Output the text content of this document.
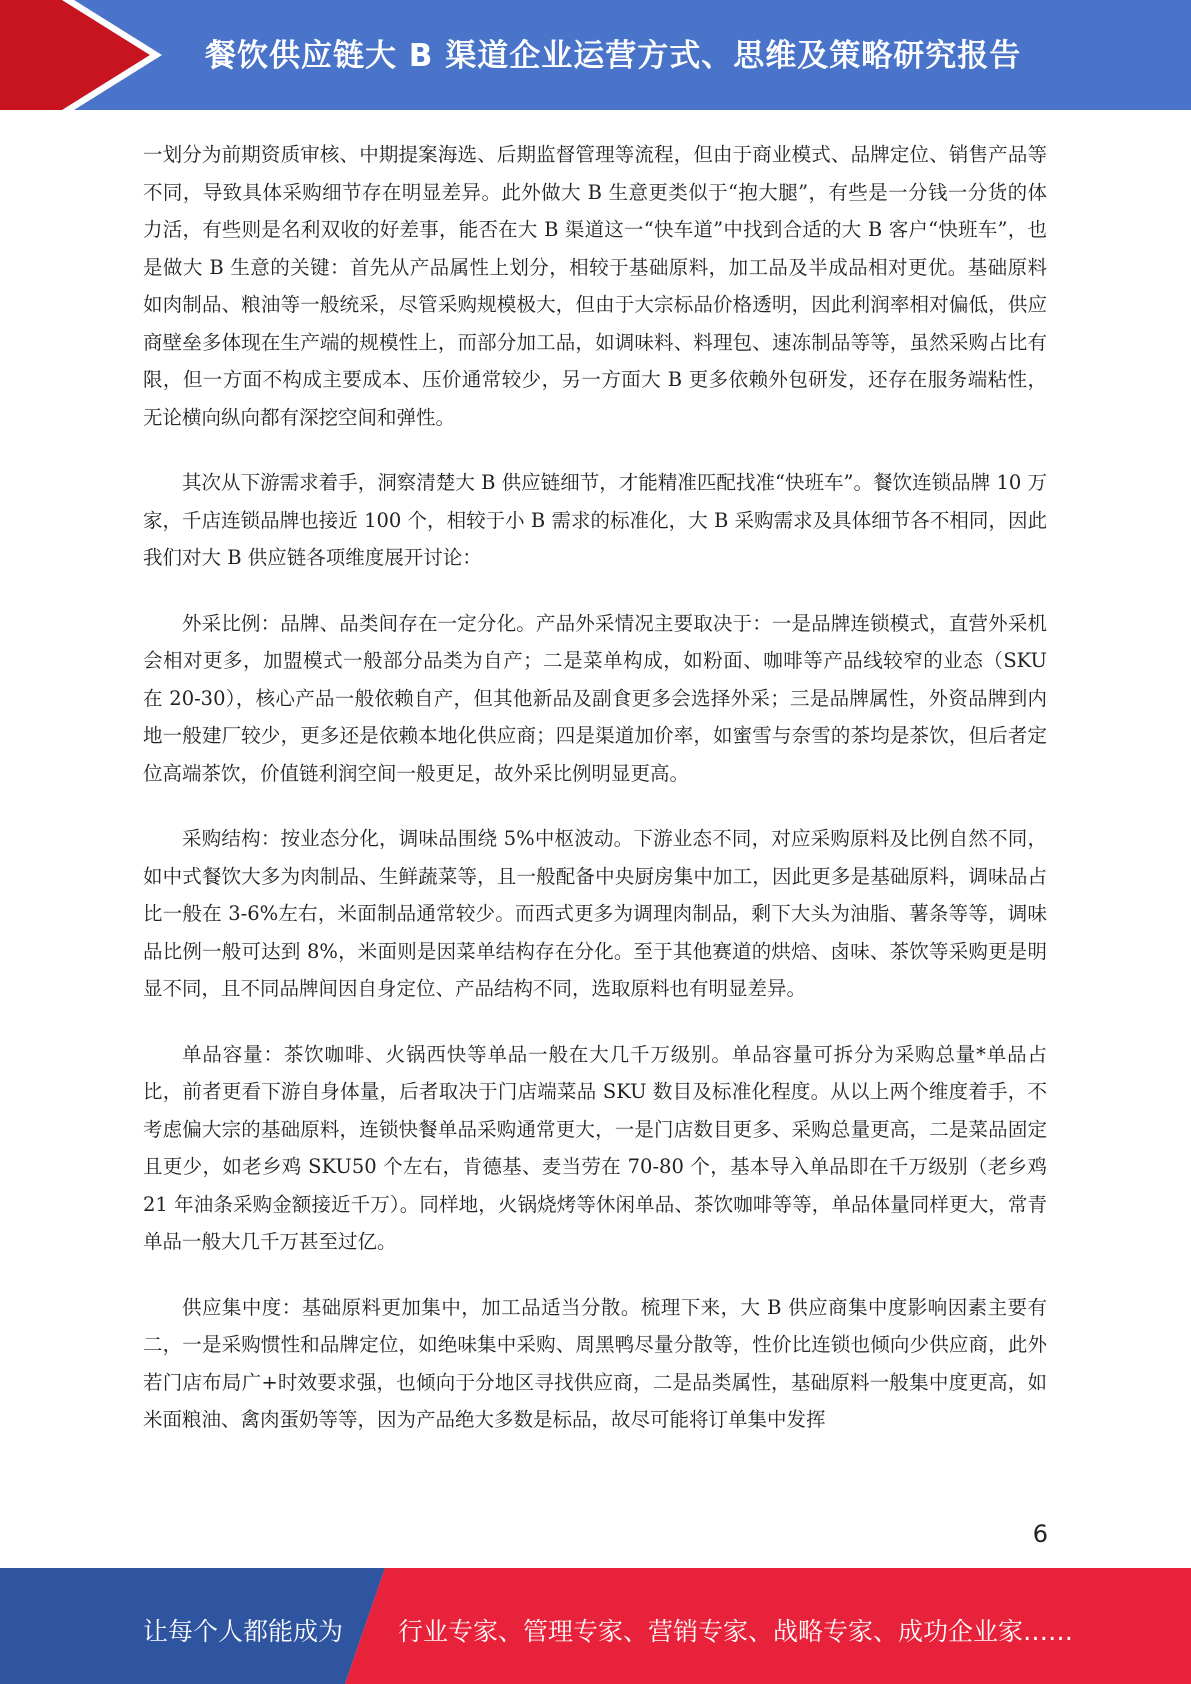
餐饮供应链大 B 渠道企业运营方式、思维及策略研究报告

一划分为前期资质审核、中期提案海选、后期监督管理等流程，但由于商业模式、品牌定位、销售产品等不同，导致具体采购细节存在明显差异。此外做大 B 生意更类似于“抱大腿”，有些是一分钱一分货的体力活，有些则是名利双收的好差事，能否在大 B 渠道这一“快车道”中找到合适的大 B 客户“快班车”，也是做大 B 生意的关键：首先从产品属性上划分，相较于基础原料，加工品及半成品相对更优。基础原料如肉制品、粮油等一般统采，尽管采购规模极大，但由于大宗标品价格透明，因此利润率相对偏低，供应商壁垒多体现在生产端的规模性上，而部分加工品，如调味料、料理包、速冻制品等等，虽然采购占比有限，但一方面不构成主要成本、压价通常较少，另一方面大 B 更多依赖外包研发，还存在服务端粘性，无论横向纵向都有深挖空间和弹性。

其次从下游需求着手，洞察清楚大 B 供应链细节，才能精准匹配找准“快班车”。餐饮连锁品牌 10 万家，千店连锁品牌也接近 100 个，相较于小 B 需求的标准化，大 B 采购需求及具体细节各不相同，因此我们对大 B 供应链各项维度展开讨论：

外采比例：品牌、品类间存在一定分化。产品外采情况主要取决于：一是品牌连锁模式，直营外采机会相对更多，加盟模式一般部分品类为自产；二是菜单构成，如粉面、咖啡等产品线较窄的业态（SKU 在 20-30），核心产品一般依赖自产，但其他新品及副食更多会选择外采；三是品牌属性，外资品牌到内地一般建厂较少，更多还是依赖本地化供应商；四是渠道加价率，如蜜雪与奈雪的茶均是茶饮，但后者定位高端茶饮，价值链利润空间一般更足，故外采比例明显更高。

采购结构：按业态分化，调味品围绕 5%中枢波动。下游业态不同，对应采购原料及比例自然不同，如中式餐饮大多为肉制品、生鲜蔬菜等，且一般配备中央厨房集中加工，因此更多是基础原料，调味品占比一般在 3-6%左右，米面制品通常较少。而西式更多为调理肉制品，剩下大头为油脂、薯条等等，调味品比例一般可达到 8%，米面则是因菜单结构存在分化。至于其他赛道的烘焙、卤味、茶饮等采购更是明显不同，且不同品牌间因自身定位、产品结构不同，选取原料也有明显差异。

单品容量：茶饮咖啡、火锅西快等单品一般在大几千万级别。单品容量可拆分为采购总量*单品占比，前者更看下游自身体量，后者取决于门店端菜品 SKU 数目及标准化程度。从以上两个维度着手，不考虑偏大宗的基础原料，连锁快餐单品采购通常更大，一是门店数目更多、采购总量更高，二是菜品固定且更少，如老乡鸡 SKU50 个左右，肯德基、麦当劳在 70-80 个，基本导入单品即在千万级别（老乡鸡 21 年油条采购金额接近千万）。同样地，火锅烧烤等休闲单品、茶饮咖啡等等，单品体量同样更大，常青单品一般大几千万甚至过亿。

供应集中度：基础原料更加集中，加工品适当分散。梳理下来，大 B 供应商集中度影响因素主要有二，一是采购惯性和品牌定位，如绝味集中采购、周黑鸭尽量分散等，性价比连锁也倾向少供应商，此外若门店布局广+时效要求强，也倾向于分地区寻找供应商，二是品类属性，基础原料一般集中度更高，如米面粮油、禽肉蛋奶等等，因为产品绝大多数是标品，故尽可能将订单集中发挥

6
让每个人都能成为 行业专家、管理专家、营销专家、战略专家、成功企业家……
